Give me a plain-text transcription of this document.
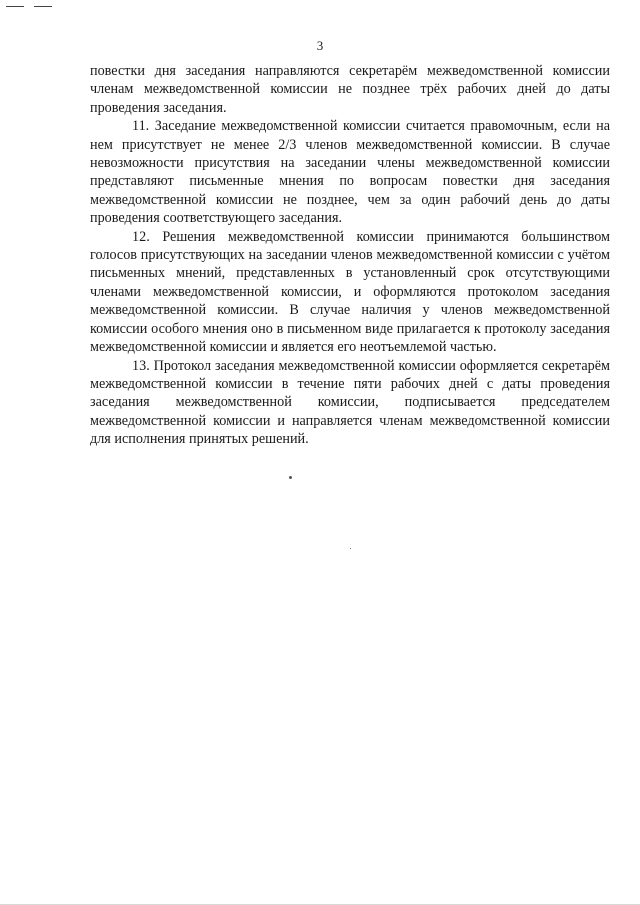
3

повестки дня заседания направляются секретарём межведомственной комиссии членам межведомственной комиссии не позднее трёх рабочих дней до даты проведения заседания.

11. Заседание межведомственной комиссии считается правомочным, если на нем присутствует не менее 2/3 членов межведомственной комиссии. В случае невозможности присутствия на заседании члены межведомственной комиссии представляют письменные мнения по вопросам повестки дня заседания межведомственной комиссии не позднее, чем за один рабочий день до даты проведения соответствующего заседания.

12. Решения межведомственной комиссии принимаются большинством голосов присутствующих на заседании членов межведомственной комиссии с учётом письменных мнений, представленных в установленный срок отсутствующими членами межведомственной комиссии, и оформляются протоколом заседания межведомственной комиссии. В случае наличия у членов межведомственной комиссии особого мнения оно в письменном виде прилагается к протоколу заседания межведомственной комиссии и является его неотъемлемой частью.

13. Протокол заседания межведомственной комиссии оформляется секретарём межведомственной комиссии в течение пяти рабочих дней с даты проведения заседания межведомственной комиссии, подписывается председателем межведомственной комиссии и направляется членам межведомственной комиссии для исполнения принятых решений.
